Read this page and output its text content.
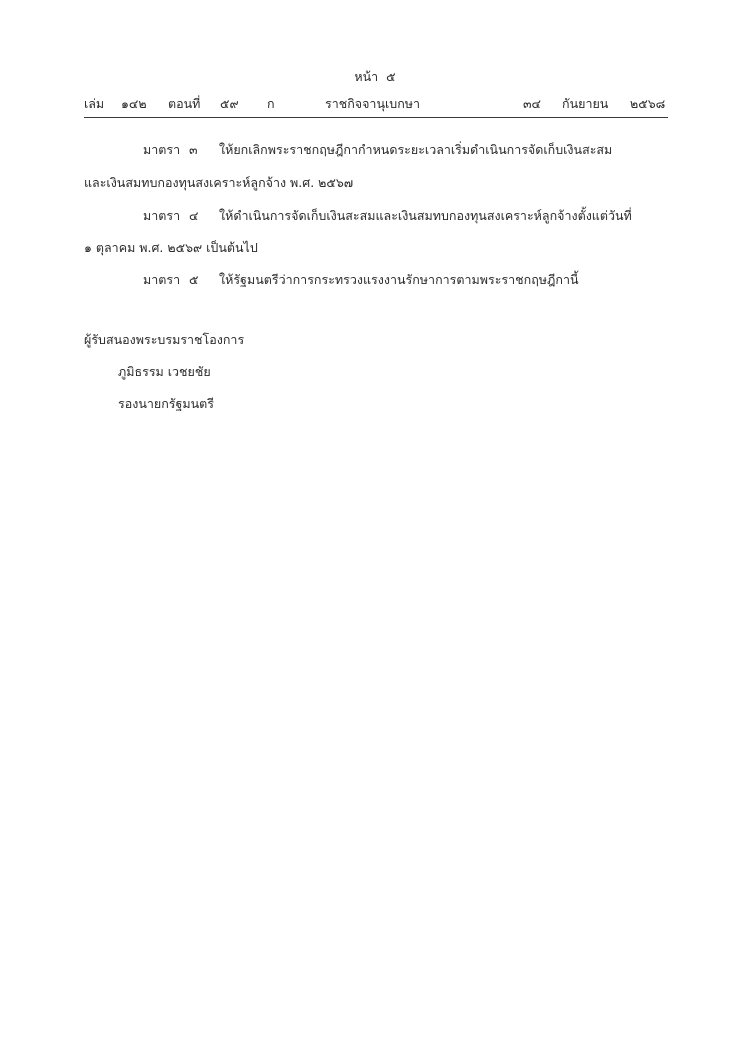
หน้า ๕
เล่ม ๑๔๒ ตอนที่ ๕๙ ก	ราชกิจจานุเบกษา	๓๔ กันยายน ๒๕๖๘
มาตรา ๓ ให้ยกเลิกพระราชกฤษฎีกากำหนดระยะเวลาเริ่มดำเนินการจัดเก็บเงินสะสม
และเงินสมทบกองทุนสงเคราะห์ลูกจ้าง พ.ศ. ๒๕๖๗
มาตรา ๔ ให้ดำเนินการจัดเก็บเงินสะสมและเงินสมทบกองทุนสงเคราะห์ลูกจ้างตั้งแต่วันที่
๑ ตุลาคม พ.ศ. ๒๕๖๙ เป็นต้นไป
มาตรา ๕ ให้รัฐมนตรีว่าการกระทรวงแรงงานรักษาการตามพระราชกฤษฎีกานี้
ผู้รับสนองพระบรมราชโองการ
ภูมิธรรม เวชยชัย
รองนายกรัฐมนตรี
